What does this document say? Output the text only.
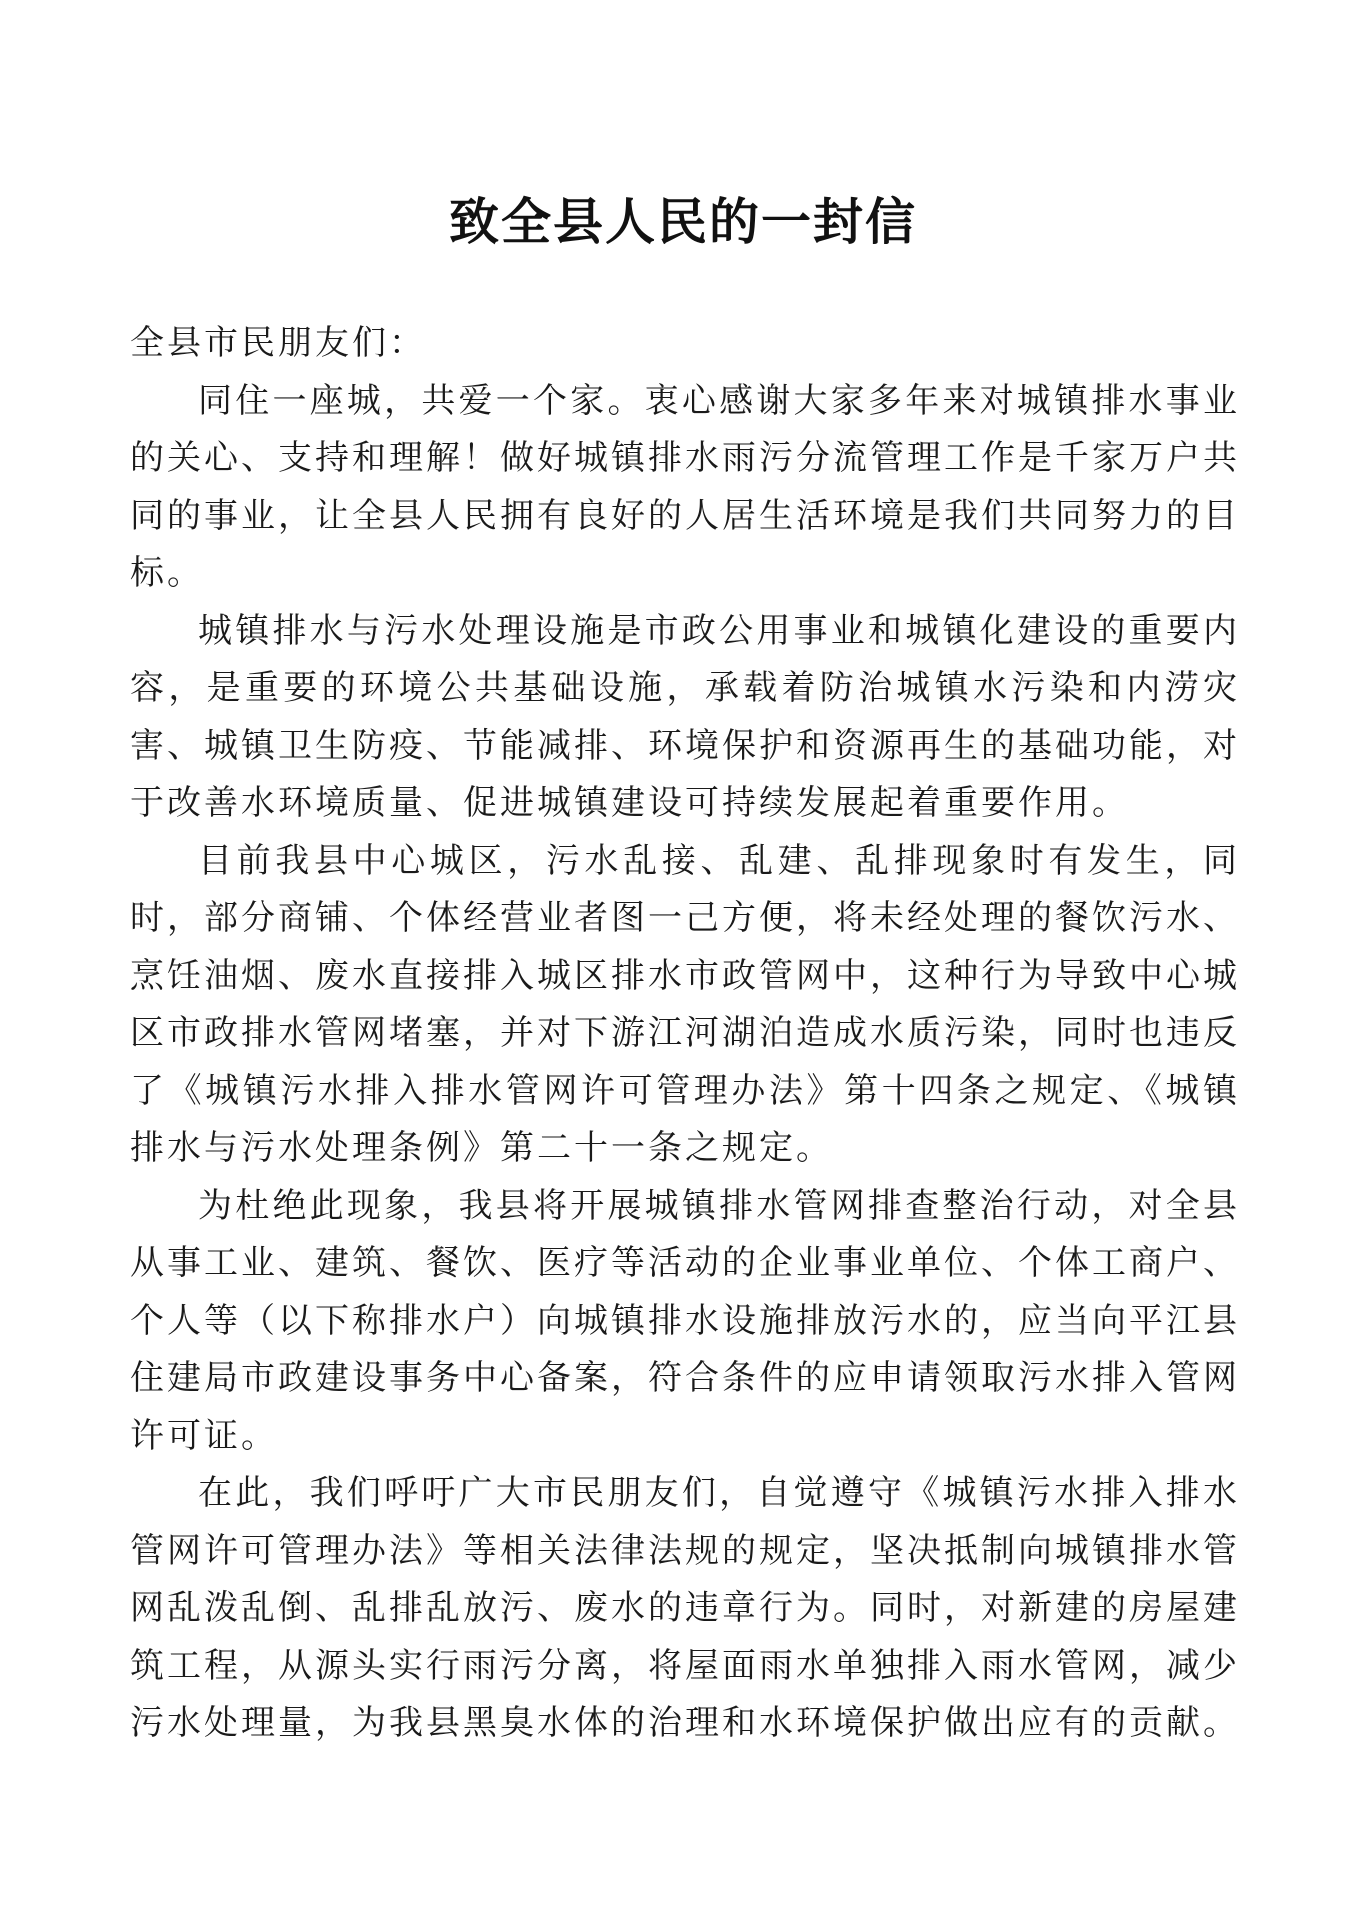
致全县人民的一封信

全县市民朋友们：

同住一座城，共爱一个家。衷心感谢大家多年来对城镇排水事业的关心、支持和理解！做好城镇排水雨污分流管理工作是千家万户共同的事业，让全县人民拥有良好的人居生活环境是我们共同努力的目标。

城镇排水与污水处理设施是市政公用事业和城镇化建设的重要内容，是重要的环境公共基础设施，承载着防治城镇水污染和内涝灾害、城镇卫生防疫、节能减排、环境保护和资源再生的基础功能，对于改善水环境质量、促进城镇建设可持续发展起着重要作用。

目前我县中心城区，污水乱接、乱建、乱排现象时有发生，同时，部分商铺、个体经营业者图一己方便，将未经处理的餐饮污水、烹饪油烟、废水直接排入城区排水市政管网中，这种行为导致中心城区市政排水管网堵塞，并对下游江河湖泊造成水质污染，同时也违反了《城镇污水排入排水管网许可管理办法》第十四条之规定、《城镇排水与污水处理条例》第二十一条之规定。

为杜绝此现象，我县将开展城镇排水管网排查整治行动，对全县从事工业、建筑、餐饮、医疗等活动的企业事业单位、个体工商户、个人等（以下称排水户）向城镇排水设施排放污水的，应当向平江县住建局市政建设事务中心备案，符合条件的应申请领取污水排入管网许可证。

在此，我们呼吁广大市民朋友们，自觉遵守《城镇污水排入排水管网许可管理办法》等相关法律法规的规定，坚决抵制向城镇排水管网乱泼乱倒、乱排乱放污、废水的违章行为。同时，对新建的房屋建筑工程，从源头实行雨污分离，将屋面雨水单独排入雨水管网，减少污水处理量，为我县黑臭水体的治理和水环境保护做出应有的贡献。
